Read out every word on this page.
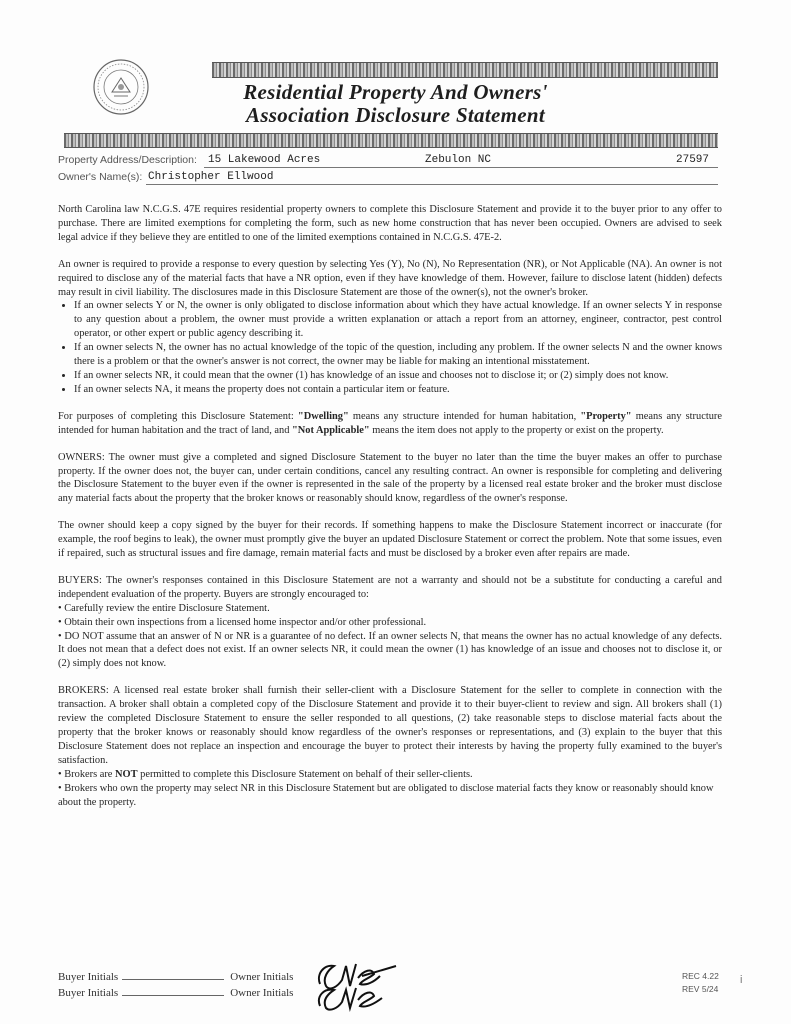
Residential Property And Owners'
Association Disclosure Statement
Property Address/Description: 15 Lakewood Acres	Zebulon NC	27597
Owner's Name(s): Christopher Ellwood

North Carolina law N.C.G.S. 47E requires residential property owners to complete this Disclosure Statement and provide it to the buyer prior to any offer to purchase. There are limited exemptions for completing the form, such as new home construction that has never been occupied. Owners are advised to seek legal advice if they believe they are entitled to one of the limited exemptions contained in N.C.G.S. 47E-2.

An owner is required to provide a response to every question by selecting Yes (Y), No (N), No Representation (NR), or Not Applicable (NA). An owner is not required to disclose any of the material facts that have a NR option, even if they have knowledge of them. However, failure to disclose latent (hidden) defects may result in civil liability. The disclosures made in this Disclosure Statement are those of the owner(s), not the owner's broker.

• If an owner selects Y or N, the owner is only obligated to disclose information about which they have actual knowledge. If an owner selects Y in response to any question about a problem, the owner must provide a written explanation or attach a report from an attorney, engineer, contractor, pest control operator, or other expert or public agency describing it.
• If an owner selects N, the owner has no actual knowledge of the topic of the question, including any problem. If the owner selects N and the owner knows there is a problem or that the owner's answer is not correct, the owner may be liable for making an intentional misstatement.
• If an owner selects NR, it could mean that the owner (1) has knowledge of an issue and chooses not to disclose it; or (2) simply does not know.
• If an owner selects NA, it means the property does not contain a particular item or feature.

For purposes of completing this Disclosure Statement: "Dwelling" means any structure intended for human habitation, "Property" means any structure intended for human habitation and the tract of land, and "Not Applicable" means the item does not apply to the property or exist on the property.

OWNERS: The owner must give a completed and signed Disclosure Statement to the buyer no later than the time the buyer makes an offer to purchase property. If the owner does not, the buyer can, under certain conditions, cancel any resulting contract. An owner is responsible for completing and delivering the Disclosure Statement to the buyer even if the owner is represented in the sale of the property by a licensed real estate broker and the broker must disclose any material facts about the property that the broker knows or reasonably should know, regardless of the owner's response.

The owner should keep a copy signed by the buyer for their records. If something happens to make the Disclosure Statement incorrect or inaccurate (for example, the roof begins to leak), the owner must promptly give the buyer an updated Disclosure Statement or correct the problem. Note that some issues, even if repaired, such as structural issues and fire damage, remain material facts and must be disclosed by a broker even after repairs are made.

BUYERS: The owner's responses contained in this Disclosure Statement are not a warranty and should not be a substitute for conducting a careful and independent evaluation of the property. Buyers are strongly encouraged to:

• Carefully review the entire Disclosure Statement.
• Obtain their own inspections from a licensed home inspector and/or other professional.

• DO NOT assume that an answer of N or NR is a guarantee of no defect. If an owner selects N, that means the owner has no actual knowledge of any defects. It does not mean that a defect does not exist. If an owner selects NR, it could mean the owner (1) has knowledge of an issue and chooses not to disclose it, or (2) simply does not know.

BROKERS: A licensed real estate broker shall furnish their seller-client with a Disclosure Statement for the seller to complete in connection with the transaction. A broker shall obtain a completed copy of the Disclosure Statement and provide it to their buyer-client to review and sign. All brokers shall (1) review the completed Disclosure Statement to ensure the seller responded to all questions, (2) take reasonable steps to disclose material facts about the property that the broker knows or reasonably should know regardless of the owner's responses or representations, and (3) explain to the buyer that this Disclosure Statement does not replace an inspection and encourage the buyer to protect their interests by having the property fully examined to the buyer's satisfaction.

• Brokers are NOT permitted to complete this Disclosure Statement on behalf of their seller-clients.
• Brokers who own the property may select NR in this Disclosure Statement but are obligated to disclose material facts they know or reasonably should know about the property.
Buyer Initials	Owner Initials
Buyer Initials	Owner Initials
REC 4.22
REV 5/24
i
